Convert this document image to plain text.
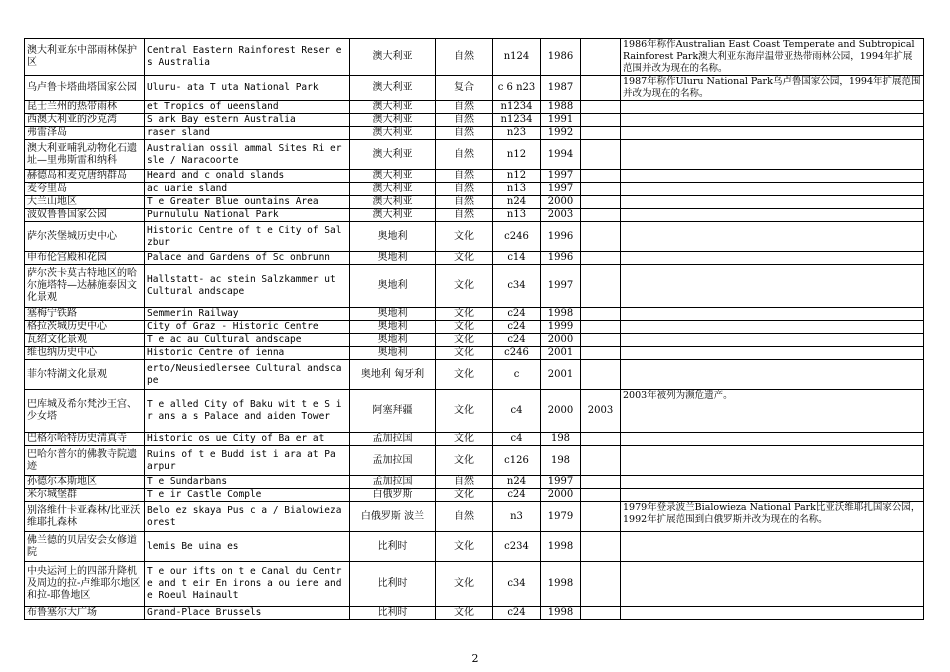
澳大利亚东中部雨林保护区	Central Eastern Rainforest Reser es Australia	澳大利亚	自然	n124	1986		1986年称作Australian East Coast Temperate and Subtropical Rainforest Park澳大利亚东海岸温带亚热带雨林公园，1994年扩展范围并改为现在的名称。
乌卢鲁卡塔曲塔国家公园	Uluru- ata T uta National Park	澳大利亚	复合	c 6 n23	1987		1987年称作Uluru National Park乌卢鲁国家公园，1994年扩展范围并改为现在的名称。
昆士兰州的热带雨林	et Tropics of ueensland	澳大利亚	自然	n1234	1988		
西澳大利亚的沙克湾	S ark Bay estern Australia	澳大利亚	自然	n1234	1991		
弗雷泽岛	raser sland	澳大利亚	自然	n23	1992		
澳大利亚哺乳动物化石遗址—里弗斯雷和纳科	Australian ossil ammal Sites Ri ersle / Naracoorte	澳大利亚	自然	n12	1994		
赫德岛和麦克唐纳群岛	Heard and c onald slands	澳大利亚	自然	n12	1997		
麦夸里岛	ac uarie sland	澳大利亚	自然	n13	1997		
大兰山地区	T e Greater Blue ountains Area	澳大利亚	自然	n24	2000		
波奴鲁鲁国家公园	Purnululu National Park	澳大利亚	自然	n13	2003		
萨尔茨堡城历史中心	Historic Centre of t e City of Salzbur	奥地利	文化	c246	1996		
申布伦宫殿和花园	Palace and Gardens of Sc onbrunn	奥地利	文化	c14	1996		
萨尔茨卡莫古特地区的哈尔施塔特—达赫施泰因文化景观	Hallstatt- ac stein Salzkammer ut Cultural andscape	奥地利	文化	c34	1997		
塞梅宁铁路	Semmerin Railway	奥地利	文化	c24	1998		
格拉茨城历史中心	City of Graz - Historic Centre	奥地利	文化	c24	1999		
瓦绍文化景观	T e ac au Cultural andscape	奥地利	文化	c24	2000		
维也纳历史中心	Historic Centre of ienna	奥地利	文化	c246	2001		
菲尔特湖文化景观	erto/Neusiedlersee Cultural andscape	奥地利 匈牙利	文化	c	2001		
巴库城及希尔梵沙王宫、少女塔	T e alled City of Baku wit t e S ir ans a s Palace and aiden Tower	阿塞拜疆	文化	c4	2000	2003	2003年被列为濒危遗产。
巴格尔哈特历史清真寺	Historic os ue City of Ba er at	孟加拉国	文化	c4	198		
巴哈尔普尔的佛教寺院遗迹	Ruins of t e Budd ist i ara at Pa arpur	孟加拉国	文化	c126	198		
孙德尔本斯地区	T e Sundarbans	孟加拉国	自然	n24	1997		
米尔城堡群	T e ir Castle Comple	白俄罗斯	文化	c24	2000		
别洛维什卡亚森林/比亚沃维耶扎森林	Belo ez skaya Pus c a / Bialowieza orest	白俄罗斯 波兰	自然	n3	1979		1979年登录波兰Bialowieza National Park比亚沃维耶扎国家公园，1992年扩展范围到白俄罗斯并改为现在的名称。
佛兰德的贝居安会女修道院	lemis Be uina es	比利时	文化	c234	1998		
中央运河上的四部升降机及周边的拉-卢维耶尔地区和拉-耶鲁地区	T e our ifts on t e Canal du Centre and t eir En irons a ou iere and e Roeul Hainault	比利时	文化	c34	1998		
布鲁塞尔大广场	Grand-Place Brussels	比利时	文化	c24	1998		
2
